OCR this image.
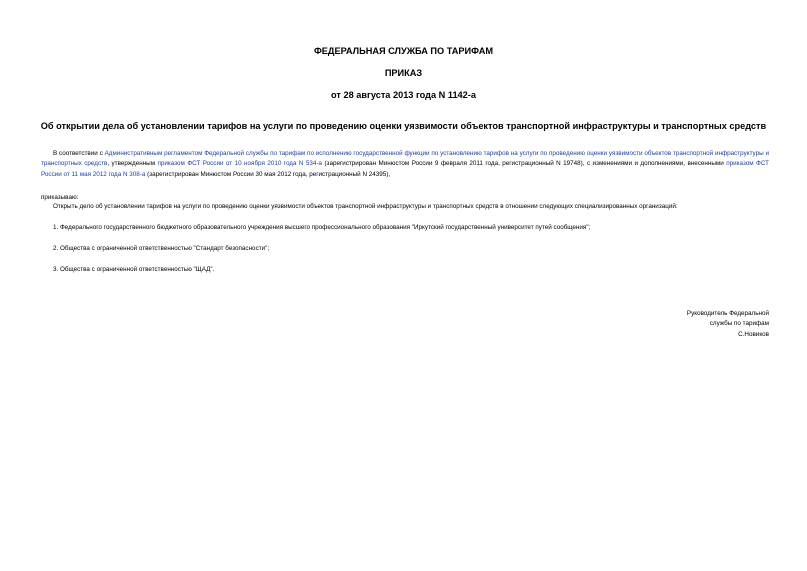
ФЕДЕРАЛЬНАЯ СЛУЖБА ПО ТАРИФАМ
ПРИКАЗ
от 28 августа 2013 года N 1142-а
Об открытии дела об установлении тарифов на услуги по проведению оценки уязвимости объектов транспортной инфраструктуры и транспортных средств
В соответствии с Административным регламентом Федеральной службы по тарифам по исполнению государственной функции по установлению тарифов на услуги по проведению оценки уязвимости объектов транспортной инфраструктуры и транспортных средств, утвержденным приказом ФСТ России от 10 ноября 2010 года N 534-а (зарегистрирован Минюстом России 9 февраля 2011 года, регистрационный N 19748), с изменениями и дополнениями, внесенными приказом ФСТ России от 11 мая 2012 года N 308-а (зарегистрирован Минюстом России 30 мая 2012 года, регистрационный N 24395),
приказываю:
Открыть дело об установлении тарифов на услуги по проведению оценки уязвимости объектов транспортной инфраструктуры и транспортных средств в отношении следующих специализированных организаций:
1. Федерального государственного бюджетного образовательного учреждения высшего профессионального образования "Иркутский государственный университет путей сообщения";
2. Общества с ограниченной ответственностью "Стандарт безопасности";
3. Общества с ограниченной ответственностью "ЩАД".
Руководитель Федеральной
службы по тарифам
С.Новиков
